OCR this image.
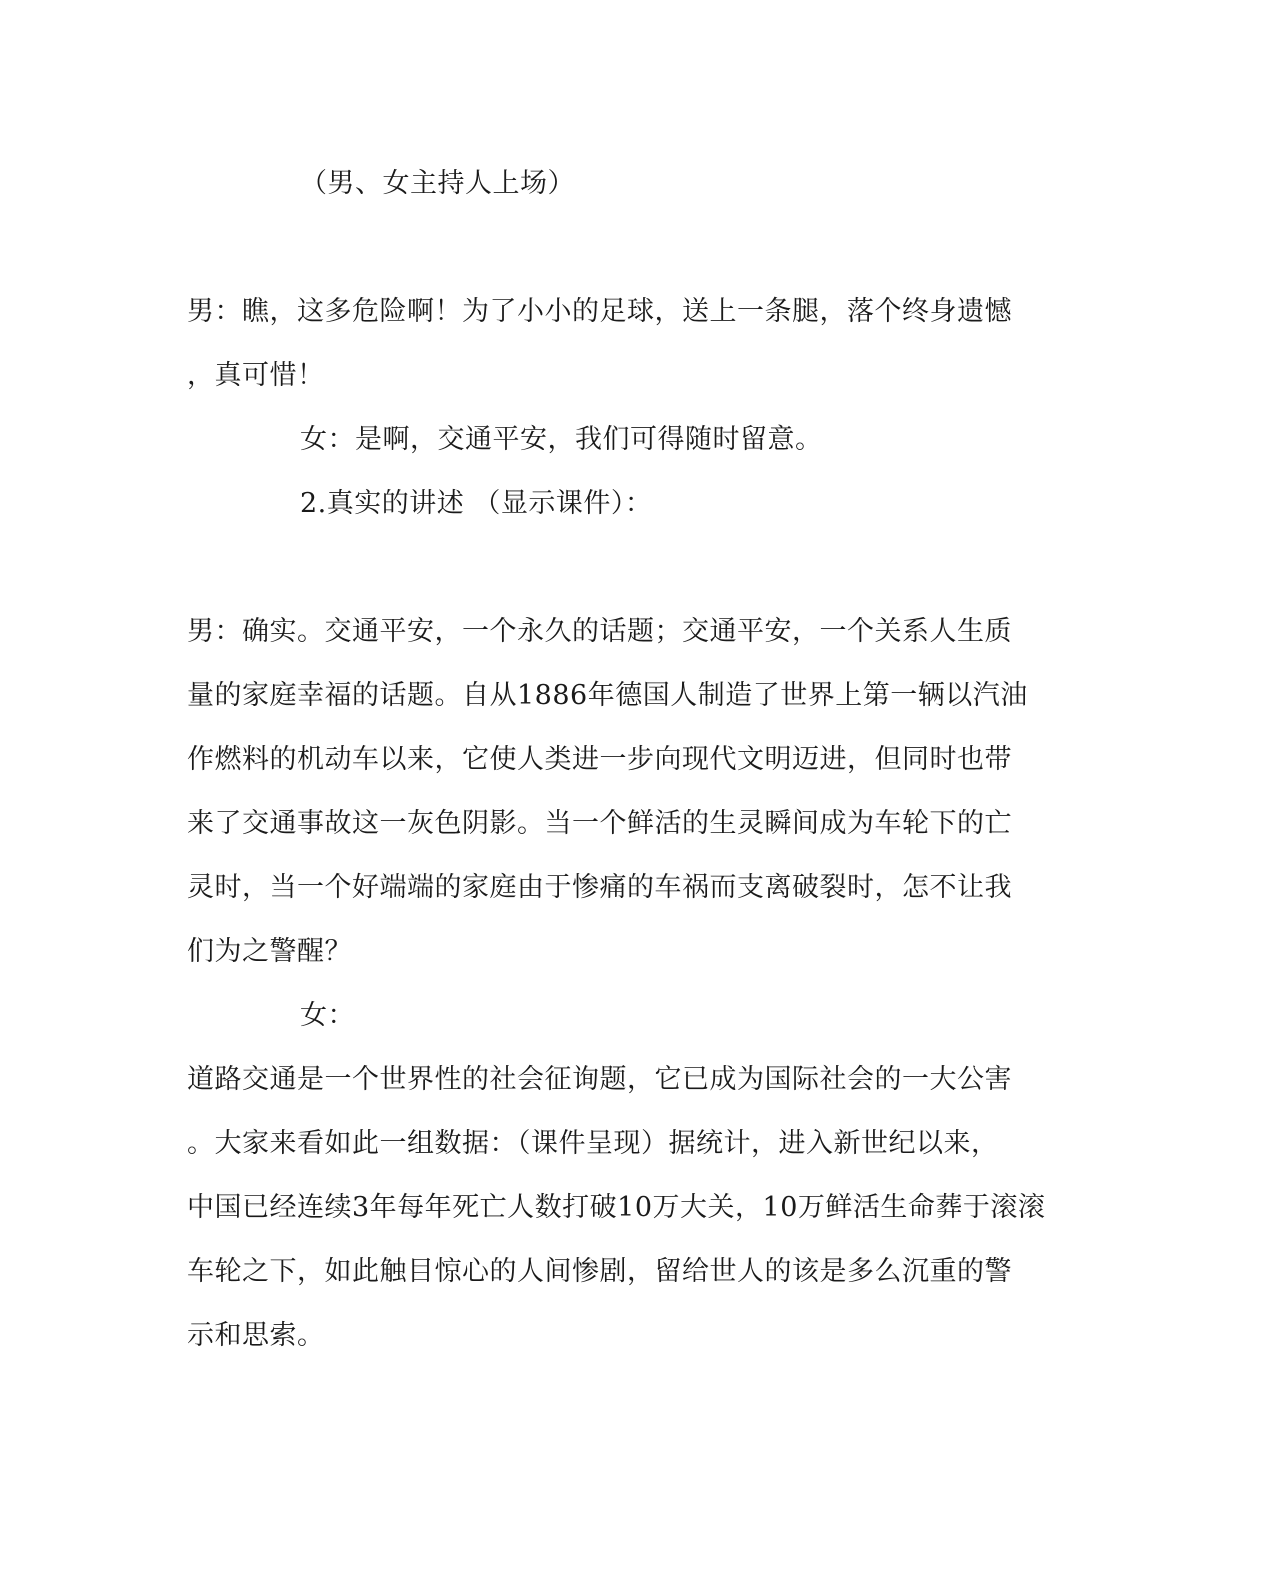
（男、女主持人上场）
男：瞧，这多危险啊！为了小小的足球，送上一条腿，落个终身遗憾
，真可惜！
女：是啊，交通平安，我们可得随时留意。
2.真实的讲述 （显示课件）：
男：确实。交通平安，一个永久的话题；交通平安，一个关系人生质
量的家庭幸福的话题。自从1886年德国人制造了世界上第一辆以汽油
作燃料的机动车以来，它使人类进一步向现代文明迈进，但同时也带
来了交通事故这一灰色阴影。当一个鲜活的生灵瞬间成为车轮下的亡
灵时，当一个好端端的家庭由于惨痛的车祸而支离破裂时，怎不让我
们为之警醒？
女：
道路交通是一个世界性的社会征询题，它已成为国际社会的一大公害
。大家来看如此一组数据：（课件呈现）据统计，进入新世纪以来，
中国已经连续3年每年死亡人数打破10万大关，10万鲜活生命葬于滚滚
车轮之下，如此触目惊心的人间惨剧，留给世人的该是多么沉重的警
示和思索。
